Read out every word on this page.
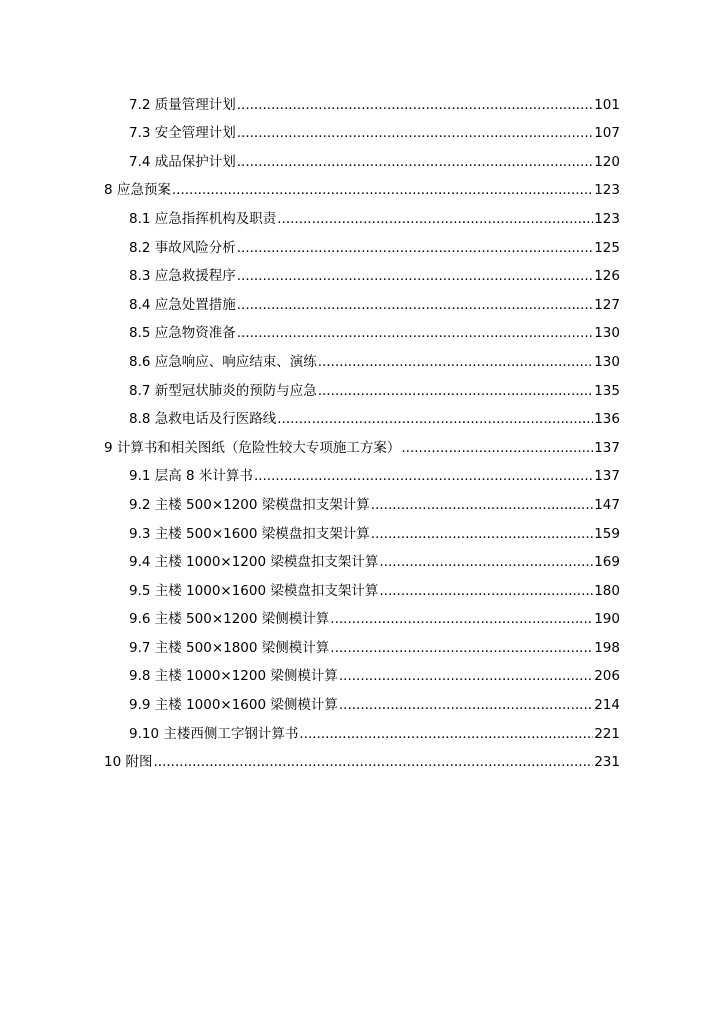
7.2 质量管理计划 .....	101
7.3 安全管理计划 .....	107
7.4 成品保护计划 .....	120
8 应急预案 .....	123
8.1 应急指挥机构及职责 .....	123
8.2 事故风险分析 .....	125
8.3 应急救援程序 .....	126
8.4 应急处置措施 .....	127
8.5 应急物资准备 .....	130
8.6 应急响应、响应结束、演练 .....	130
8.7 新型冠状肺炎的预防与应急 .....	135
8.8 急救电话及行医路线 .....	136
9 计算书和相关图纸（危险性较大专项施工方案） .....	137
9.1 层高 8 米计算书 .....	137
9.2 主楼 500×1200 梁模盘扣支架计算 .....	147
9.3 主楼 500×1600 梁模盘扣支架计算 .....	159
9.4 主楼 1000×1200 梁模盘扣支架计算 .....	169
9.5 主楼 1000×1600 梁模盘扣支架计算 .....	180
9.6 主楼 500×1200 梁侧模计算 .....	190
9.7 主楼 500×1800 梁侧模计算 .....	198
9.8 主楼 1000×1200 梁侧模计算 .....	206
9.9 主楼 1000×1600 梁侧模计算 .....	214
9.10 主楼西侧工字钢计算书 .....	221
10 附图 .....	231
